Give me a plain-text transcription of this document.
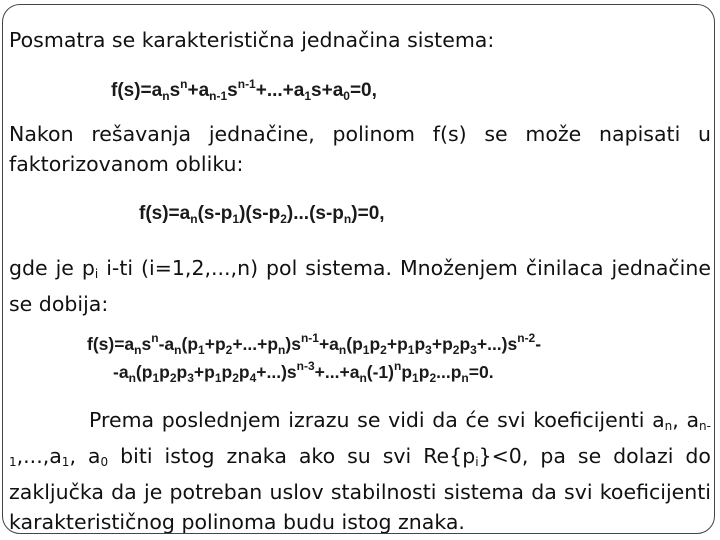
Posmatra se karakteristična jednačina sistema:
$f(s)=a_ns^n+a_{n-1}s^{n-1}+...+a_1s+a_0=0$,
Nakon rešavanja jednačine, polinom f(s) se može napisati u faktorizovanom obliku:
$f(s)=a_n(s-p_1)(s-p_2)...(s-p_n)=0$,
gde je pi i-ti (i=1,2,...,n) pol sistema. Množenjem činilaca jednačine se dobija:
$f(s)=a_ns^n-a_n(p_1+p_2+...+p_n)s^{n-1}+a_n(p_1p_2+p_1p_3+p_2p_3+...)s^{n-2}-$
$-a_n(p_1p_2p_3+p_1p_2p_4+...)s^{n-3}+...+a_n(-1)^np_1p_2...p_n=0$.
Prema poslednjem izrazu se vidi da će svi koeficijenti an, an-1,...,a1, a0 biti istog znaka ako su svi Re{pi}<0, pa se dolazi do zaključka da je potreban uslov stabilnosti sistema da svi koeficijenti karakterističnog polinoma budu istog znaka.
